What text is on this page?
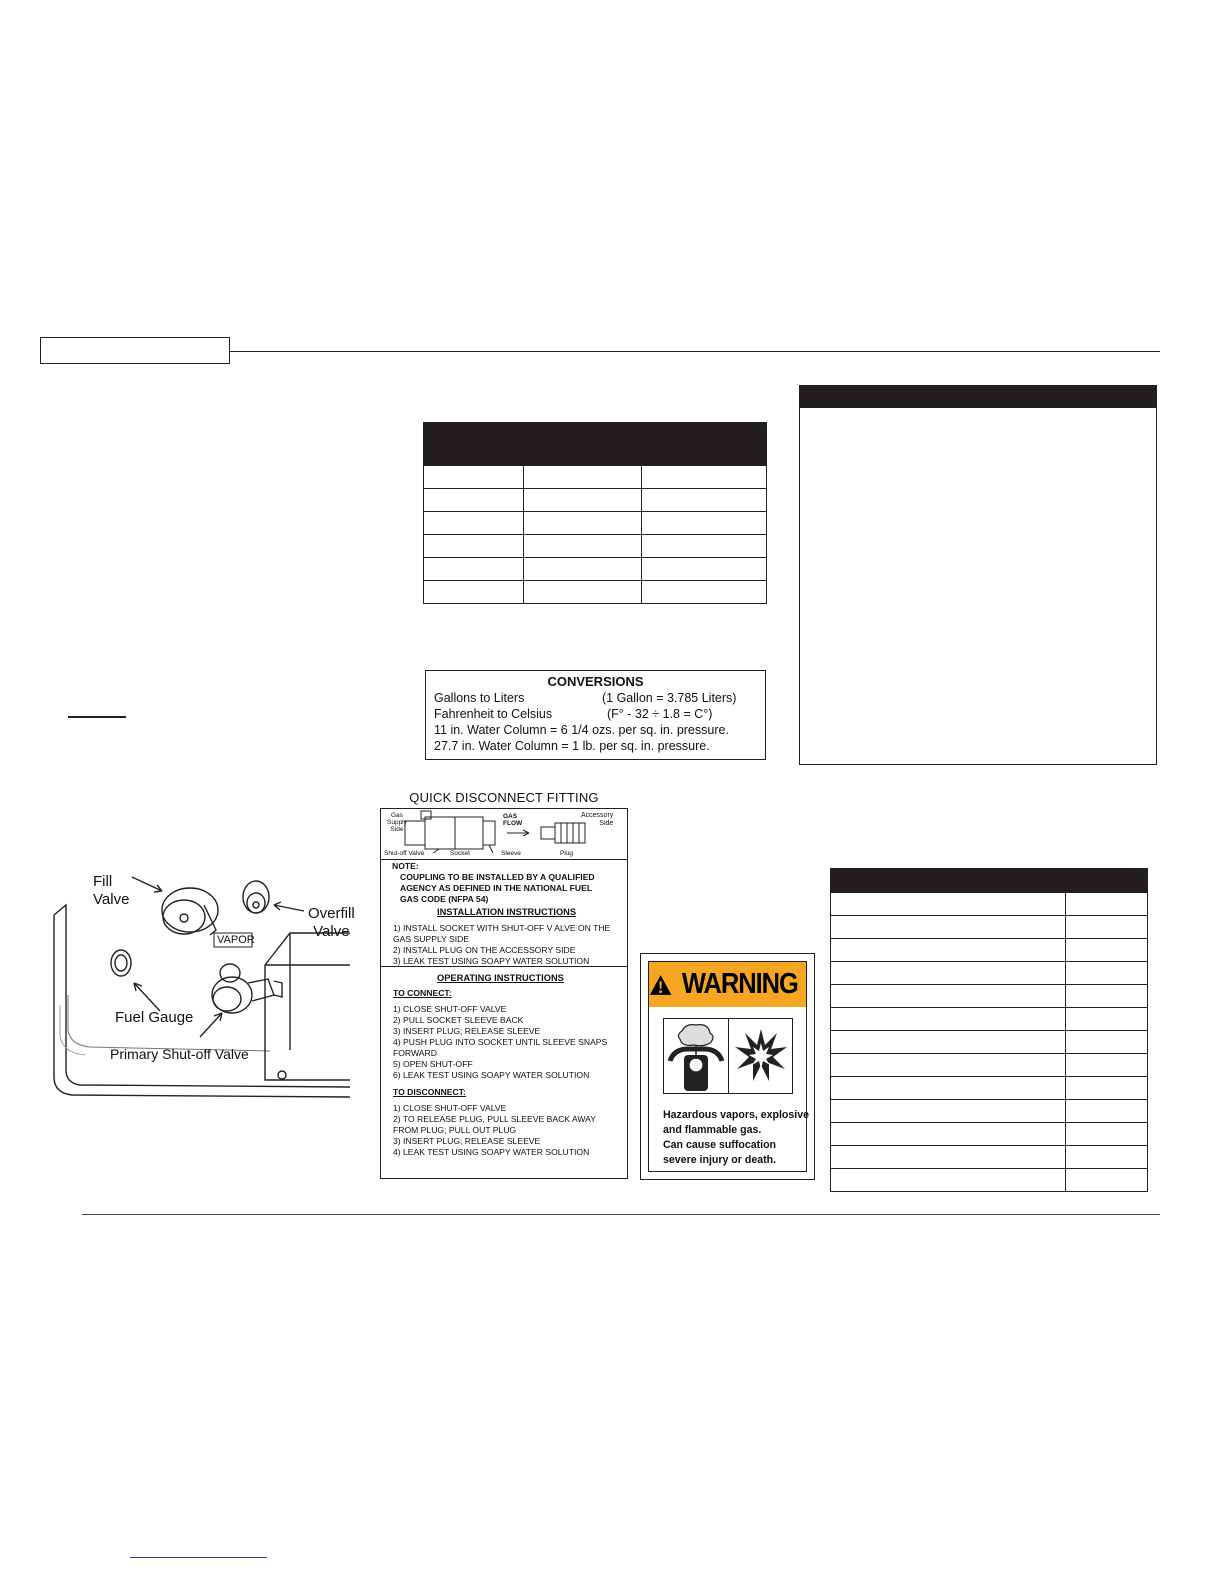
CONVERSIONS
Gallons to Liters	(1 Gallon = 3.785 Liters)
Fahrenheit to Celsius	(F° - 32 ÷ 1.8 = C°)
11 in. Water Column = 6 1/4 ozs. per sq. in. pressure.
27.7 in. Water Column = 1 lb. per sq. in. pressure.
Fill
Valve
Overfill
Valve
VAPOR
Fuel Gauge
Primary Shut-off Valve
QUICK DISCONNECT FITTING
Gas
Supply
Side
GAS
FLOW
Accessory
Side
Shut-off Valve	Socket	Sleeve	Plug
NOTE:
COUPLING TO BE INSTALLED BY A QUALIFIED
AGENCY AS DEFINED IN THE NATIONAL FUEL
GAS CODE (NFPA 54)
INSTALLATION INSTRUCTIONS
1) INSTALL SOCKET WITH SHUT-OFF V ALVE ON THE
GAS SUPPLY SIDE
2) INSTALL PLUG ON THE ACCESSORY SIDE
3) LEAK TEST USING SOAPY WATER SOLUTION
OPERATING INSTRUCTIONS
TO CONNECT:
1) CLOSE SHUT-OFF VALVE
2) PULL SOCKET SLEEVE BACK
3) INSERT PLUG; RELEASE SLEEVE
4) PUSH PLUG INTO SOCKET UNTIL SLEEVE SNAPS
FORWARD
5) OPEN SHUT-OFF
6) LEAK TEST USING SOAPY WATER SOLUTION
TO DISCONNECT:
1) CLOSE SHUT-OFF VALVE
2) TO RELEASE PLUG, PULL SLEEVE BACK AWAY
FROM PLUG; PULL OUT PLUG
3) INSERT PLUG; RELEASE SLEEVE
4) LEAK TEST USING SOAPY WATER SOLUTION
WARNING
Hazardous vapors, explosive
and flammable gas.
Can cause suffocation
severe injury or death.
